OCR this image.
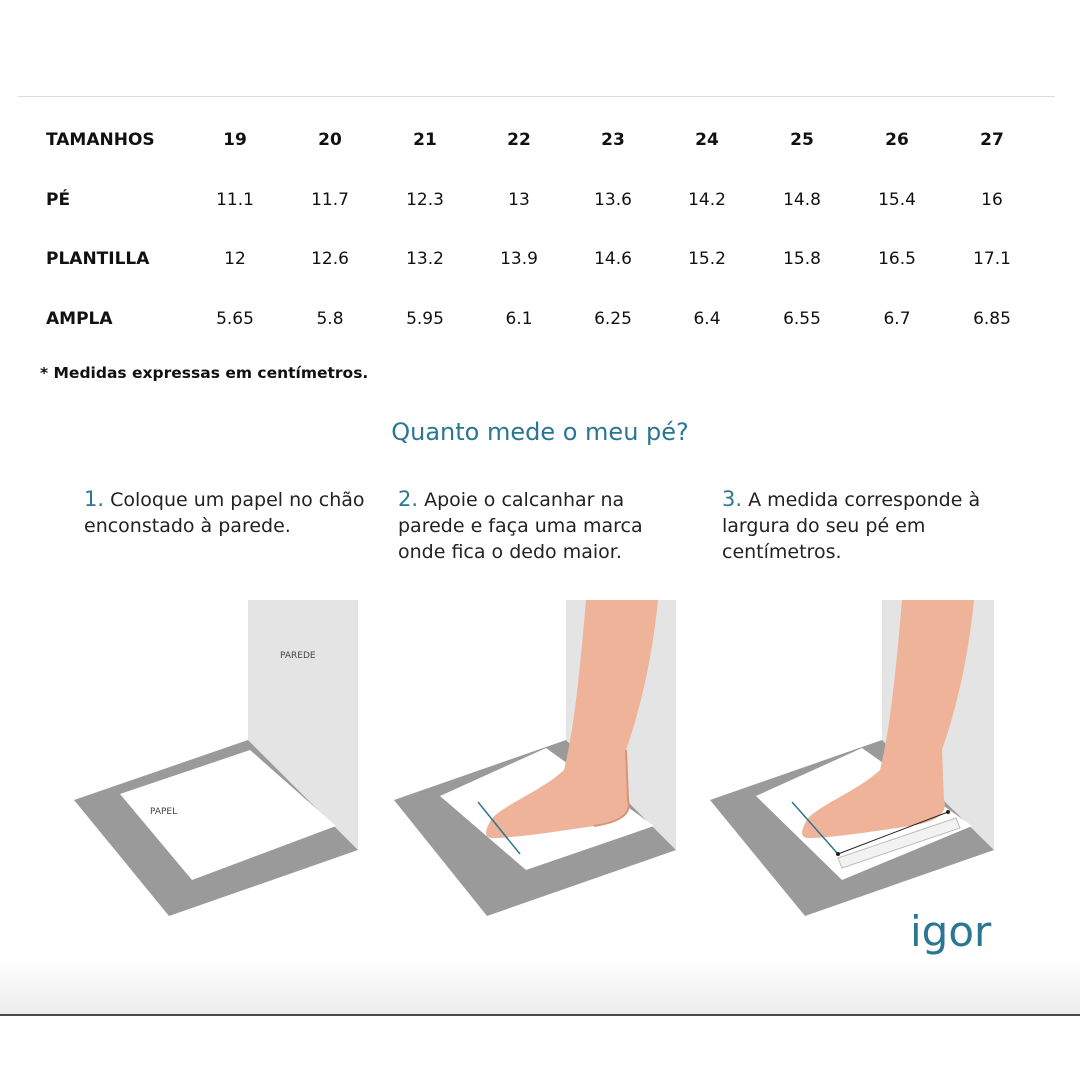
TAMANHOS	19	20	21	22	23	24	25	26	27
PÉ	11.1	11.7	12.3	13	13.6	14.2	14.8	15.4	16
PLANTILLA	12	12.6	13.2	13.9	14.6	15.2	15.8	16.5	17.1
AMPLA	5.65	5.8	5.95	6.1	6.25	6.4	6.55	6.7	6.85
* Medidas expressas em centímetros.
Quanto mede o meu pé?
1. Coloque um papel no chão enconstado à parede.
2. Apoie o calcanhar na parede e faça uma marca onde fica o dedo maior.
3. A medida corresponde à largura do seu pé em centímetros.
PAREDE
PAPEL
igor
